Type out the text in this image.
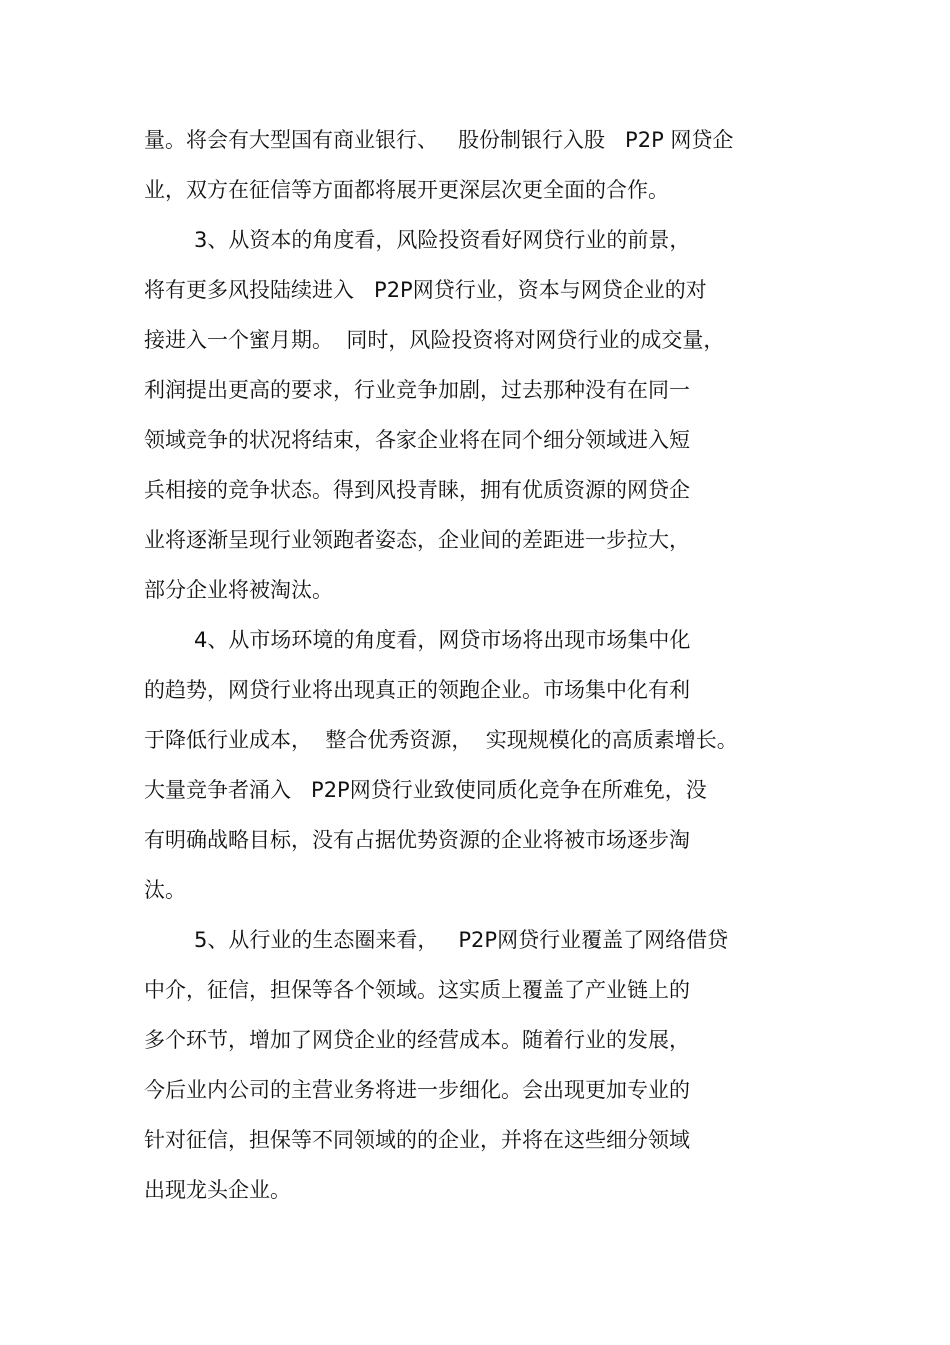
量。将会有大型国有商业银行、   股份制银行入股   P2P 网贷企
业，双方在征信等方面都将展开更深层次更全面的合作。
3、从资本的角度看，风险投资看好网贷行业的前景，
将有更多风投陆续进入   P2P网贷行业，资本与网贷企业的对
接进入一个蜜月期。  同时，风险投资将对网贷行业的成交量，
利润提出更高的要求，行业竞争加剧，过去那种没有在同一
领域竞争的状况将结束，各家企业将在同个细分领域进入短
兵相接的竞争状态。得到风投青睐，拥有优质资源的网贷企
业将逐渐呈现行业领跑者姿态，企业间的差距进一步拉大，
部分企业将被淘汰。
4、从市场环境的角度看，网贷市场将出现市场集中化
的趋势，网贷行业将出现真正的领跑企业。市场集中化有利
于降低行业成本，  整合优秀资源，  实现规模化的高质素增长。
大量竞争者涌入   P2P网贷行业致使同质化竞争在所难免，没
有明确战略目标，没有占据优势资源的企业将被市场逐步淘
汰。
5、从行业的生态圈来看，   P2P网贷行业覆盖了网络借贷
中介，征信，担保等各个领域。这实质上覆盖了产业链上的
多个环节，增加了网贷企业的经营成本。随着行业的发展，
今后业内公司的主营业务将进一步细化。会出现更加专业的
针对征信，担保等不同领域的的企业，并将在这些细分领域
出现龙头企业。
